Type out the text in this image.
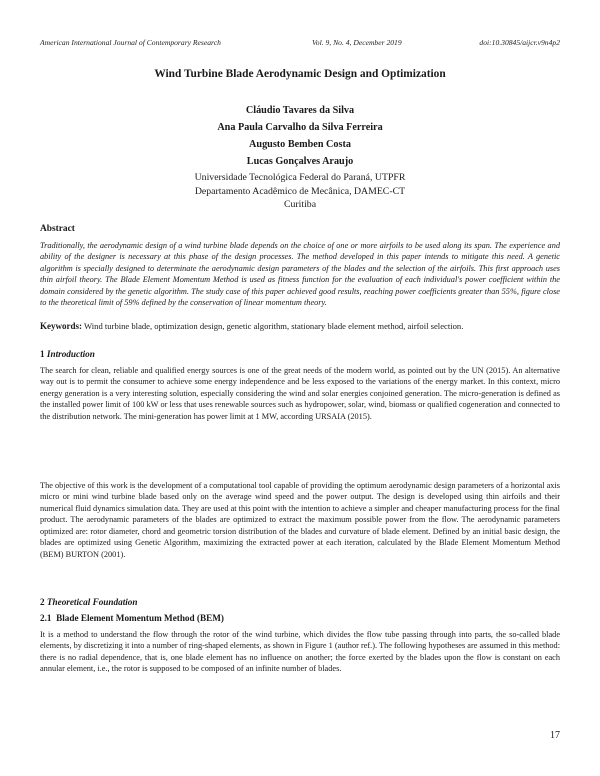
American International Journal of Contemporary Research	Vol. 9, No. 4, December 2019	doi:10.30845/aijcr.v9n4p2
Wind Turbine Blade Aerodynamic Design and Optimization
Cláudio Tavares da Silva
Ana Paula Carvalho da Silva Ferreira
Augusto Bemben Costa
Lucas Gonçalves Araujo
Universidade Tecnológica Federal do Paraná, UTPFR
Departamento Acadêmico de Mecânica, DAMEC-CT
Curitiba
Abstract
Traditionally, the aerodynamic design of a wind turbine blade depends on the choice of one or more airfoils to be used along its span. The experience and ability of the designer is necessary at this phase of the design processes. The method developed in this paper intends to mitigate this need. A genetic algorithm is specially designed to determinate the aerodynamic design parameters of the blades and the selection of the airfoils. This first approach uses thin airfoil theory. The Blade Element Momentum Method is used as fitness function for the evaluation of each individual's power coefficient within the domain considered by the genetic algorithm. The study case of this paper achieved good results, reaching power coefficients greater than 55%, figure close to the theoretical limit of 59% defined by the conservation of linear momentum theory.
Keywords: Wind turbine blade, optimization design, genetic algorithm, stationary blade element method, airfoil selection.
1 Introduction
The search for clean, reliable and qualified energy sources is one of the great needs of the modern world, as pointed out by the UN (2015). An alternative way out is to permit the consumer to achieve some energy independence and be less exposed to the variations of the energy market. In this context, micro energy generation is a very interesting solution, especially considering the wind and solar energies conjoined generation. The micro-generation is defined as the installed power limit of 100 kW or less that uses renewable sources such as hydropower, solar, wind, biomass or qualified cogeneration and connected to the distribution network. The mini-generation has power limit at 1 MW, according URSAIA (2015).
The objective of this work is the development of a computational tool capable of providing the optimum aerodynamic design parameters of a horizontal axis micro or mini wind turbine blade based only on the average wind speed and the power output. The design is developed using thin airfoils and their numerical fluid dynamics simulation data. They are used at this point with the intention to achieve a simpler and cheaper manufacturing process for the final product. The aerodynamic parameters of the blades are optimized to extract the maximum possible power from the flow. The aerodynamic parameters optimized are: rotor diameter, chord and geometric torsion distribution of the blades and curvature of blade element. Defined by an initial basic design, the blades are optimized using Genetic Algorithm, maximizing the extracted power at each iteration, calculated by the Blade Element Momentum Method (BEM) BURTON (2001).
2 Theoretical Foundation
2.1 Blade Element Momentum Method (BEM)
It is a method to understand the flow through the rotor of the wind turbine, which divides the flow tube passing through into parts, the so-called blade elements, by discretizing it into a number of ring-shaped elements, as shown in Figure 1 (author ref.). The following hypotheses are assumed in this method: there is no radial dependence, that is, one blade element has no influence on another; the force exerted by the blades upon the flow is constant on each annular element, i.e., the rotor is supposed to be composed of an infinite number of blades.
17
